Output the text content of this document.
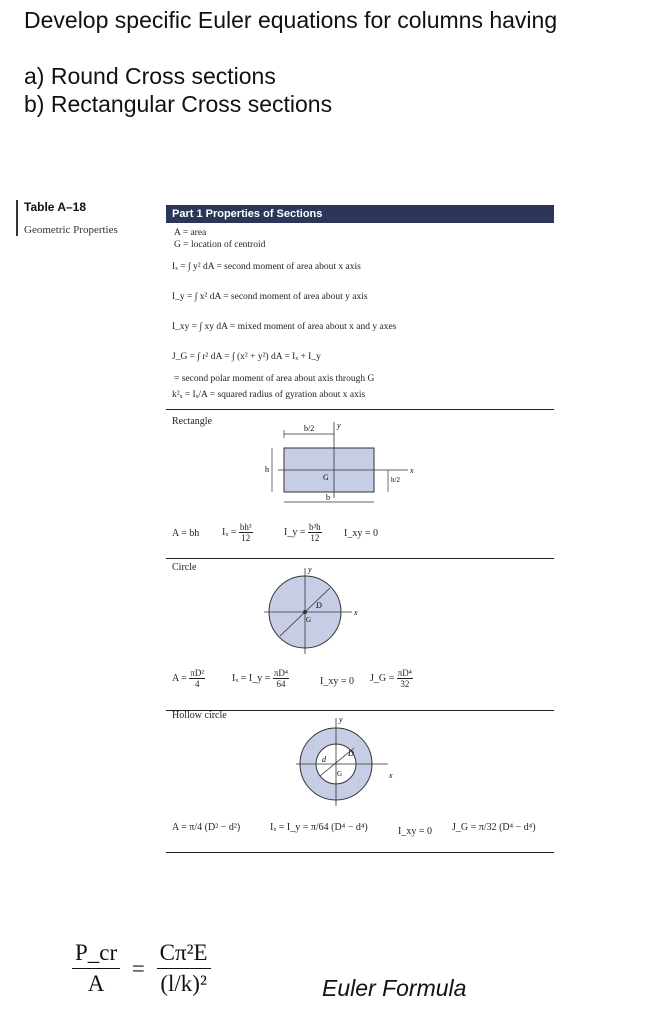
Develop specific Euler equations for columns having
a) Round Cross sections
b) Rectangular Cross sections
Table A–18
Geometric Properties
Part 1 Properties of Sections
A = area
G = location of centroid
Iₓ = ∫ y² dA = second moment of area about x axis
I_y = ∫ x² dA = second moment of area about y axis
I_xy = ∫ xy dA = mixed moment of area about x and y axes
J_G = ∫ r² dA = ∫ (x² + y²) dA = Iₓ + I_y
= second polar moment of area about axis through G
k²ₓ = Iₓ/A = squared radius of gyration about x axis
Rectangle
b/2
b
h
h/2
G
x
y
A = bh $I_x = \frac{\text{bh³}}{12}$	I_y = $\frac{\text{b³h}}{12}$ I_xy = 0
Circle
D
G
x
y
$A = \frac{\text{πD²}}{4}$	Iₓ = I_y = $\frac{\text{πD⁴}}{64}$	I_xy = 0 J_G = $\frac{\text{πD⁴}}{32}$
Hollow circle
d
D
G	x
y
A = π/4 (D² − d²)	Iₓ = I_y = π/64 (D⁴ − d⁴)	I_xy = 0 J_G = π/32 (D⁴ − d⁴)
$\frac{P\_cr}{A} = \frac{\text{Cπ²E}}{\text{(l/k)²}}$	Euler Formula
